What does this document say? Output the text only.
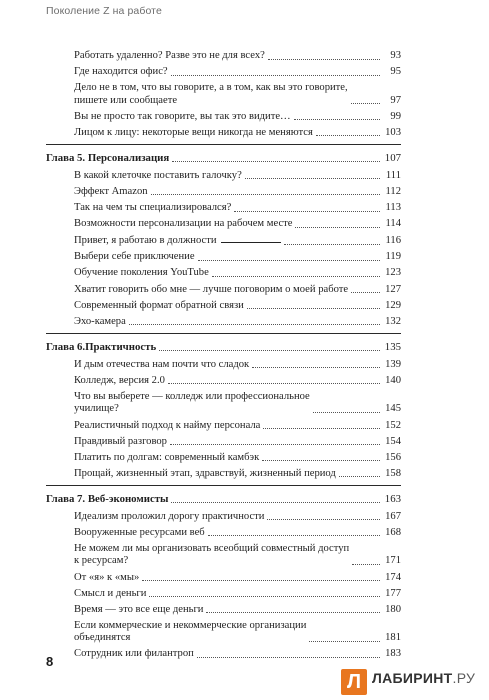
Поколение Z на работе
Работать удаленно? Разве это не для всех?	93
Где находится офис?	95
Дело не в том, что вы говорите, а в том, как вы это говорите,
пишете или сообщаете	97
Вы не просто так говорите, вы так это видите…	99
Лицом к лицу: некоторые вещи никогда не меняются	103
Глава 5. Персонализация	107
В какой клеточке поставить галочку?	111
Эффект Amazon	112
Так на чем ты специализировался?	113
Возможности персонализации на рабочем месте	114
Привет, я работаю в должности	116
Выбери себе приключение	119
Обучение поколения YouTube	123
Хватит говорить обо мне — лучше поговорим о моей работе	127
Современный формат обратной связи	129
Эхо-камера	132
Глава 6.Практичность	135
И дым отечества нам почти что сладок	139
Колледж, версия 2.0	140
Что вы выберете — колледж или профессиональное
училище?	145
Реалистичный подход к найму персонала	152
Правдивый разговор	154
Платить по долгам: современный камбэк	156
Прощай, жизненный этап, здравствуй, жизненный период	158
Глава 7. Веб-экономисты	163
Идеализм проложил дорогу практичности	167
Вооруженные ресурсами веб	168
Не можем ли мы организовать всеобщий совместный доступ
к ресурсам?	171
От «я» к «мы»	174
Смысл и деньги	177
Время — это все еще деньги	180
Если коммерческие и некоммерческие организации
объединятся	181
Сотрудник или филантроп	183
8
Л ЛАБИРИНТ.РУ
